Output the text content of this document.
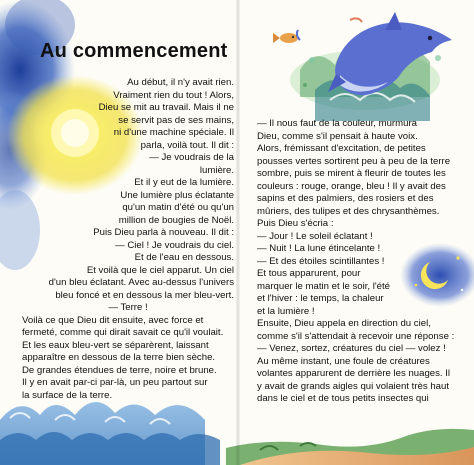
Au commencement
Au début, il n'y avait rien.
Vraiment rien du tout ! Alors,
Dieu se mit au travail. Mais il ne
se servit pas de ses mains,
ni d'une machine spéciale. Il
parla, voilà tout. Il dit :
— Je voudrais de la
lumière.
Et il y eut de la lumière.
Une lumière plus éclatante
qu'un matin d'été ou qu'un
million de bougies de Noël.
Puis Dieu parla à nouveau. Il dit :
— Ciel ! Je voudrais du ciel.
Et de l'eau en dessous.
Et voilà que le ciel apparut. Un ciel
d'un bleu éclatant. Avec au-dessus l'univers
bleu foncé et en dessous la mer bleu-vert.
— Terre !
Voilà ce que Dieu dit ensuite, avec force et
fermeté, comme qui dirait savait ce qu'il voulait.
Et les eaux bleu-vert se séparèrent, laissant
apparaître en dessous de la terre bien sèche.
De grandes étendues de terre, noire et brune.
Il y en avait par-ci par-là, un peu partout sur
la surface de la terre.
— Il nous faut de la couleur, murmura
Dieu, comme s'il pensait à haute voix.
Alors, frémissant d'excitation, de petites
pousses vertes sortirent peu à peu de la terre
sombre, puis se mirent à fleurir de toutes les
couleurs : rouge, orange, bleu ! Il y avait des
sapins et des palmiers, des rosiers et des
mûriers, des tulipes et des chrysanthèmes.
Puis Dieu s'écria :
— Jour ! Le soleil éclatant !
— Nuit ! La lune étincelante !
— Et des étoiles scintillantes !
Et tous apparurent, pour
marquer le matin et le soir, l'été
et l'hiver : le temps, la chaleur
et la lumière !
Ensuite, Dieu appela en direction du ciel,
comme s'il s'attendait à recevoir une réponse :
— Venez, sortez, créatures du ciel — volez !
Au même instant, une foule de créatures
volantes apparurent de derrière les nuages. Il
y avait de grands aigles qui volaient très haut
dans le ciel et de tous petits insectes qui
